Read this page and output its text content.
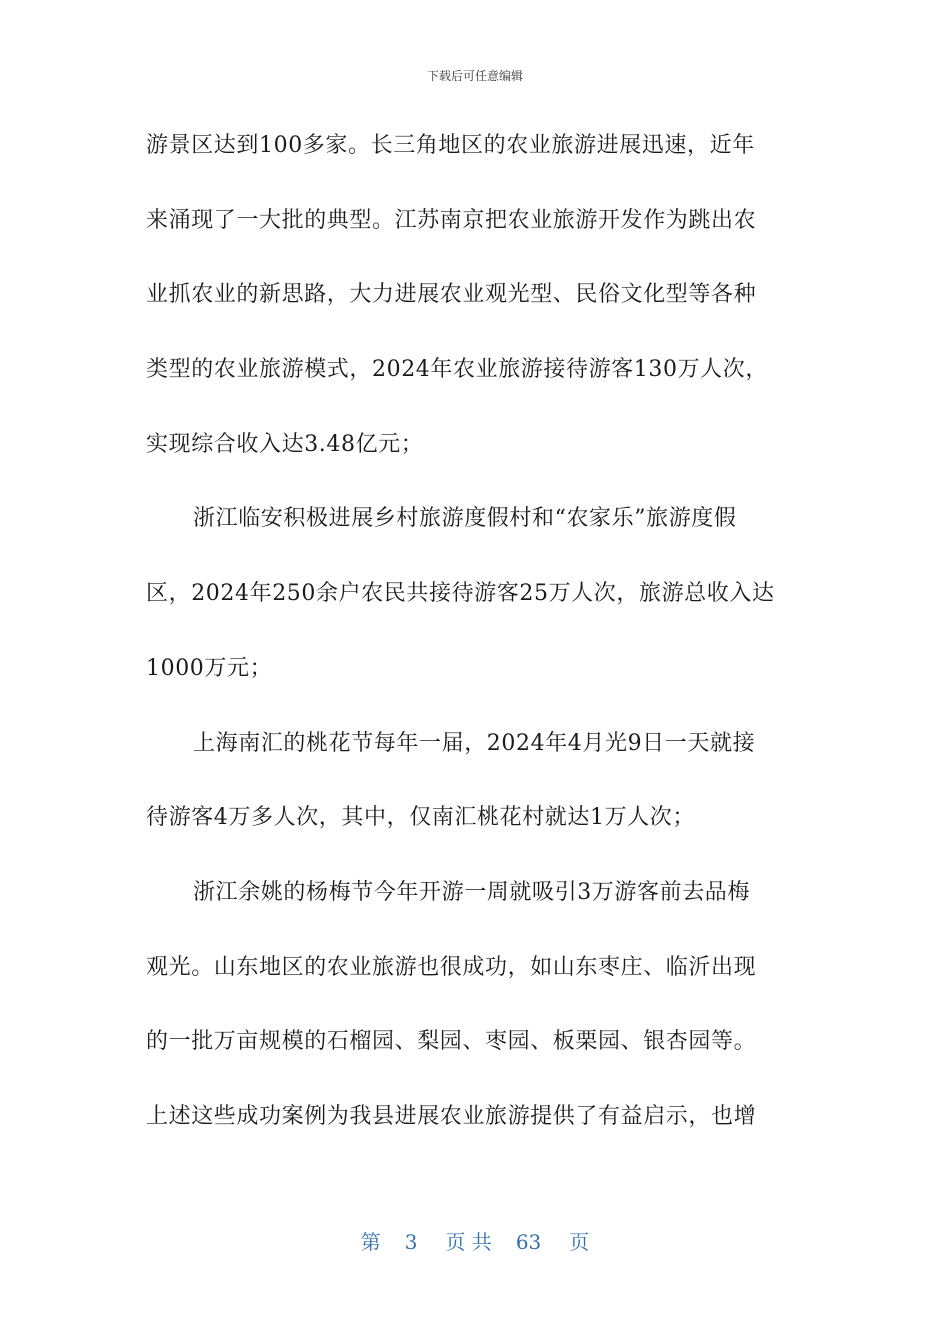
下载后可任意编辑
游景区达到100多家。长三角地区的农业旅游进展迅速，近年
来涌现了一大批的典型。江苏南京把农业旅游开发作为跳出农
业抓农业的新思路，大力进展农业观光型、民俗文化型等各种
类型的农业旅游模式，2024年农业旅游接待游客130万人次，
实现综合收入达3.48亿元；
浙江临安积极进展乡村旅游度假村和“农家乐”旅游度假
区，2024年250余户农民共接待游客25万人次，旅游总收入达
1000万元；
上海南汇的桃花节每年一届，2024年4月光9日一天就接
待游客4万多人次，其中，仅南汇桃花村就达1万人次；
浙江余姚的杨梅节今年开游一周就吸引3万游客前去品梅
观光。山东地区的农业旅游也很成功，如山东枣庄、临沂出现
的一批万亩规模的石榴园、梨园、枣园、板栗园、银杏园等。
上述这些成功案例为我县进展农业旅游提供了有益启示，也增
第 3 页 共 63 页
